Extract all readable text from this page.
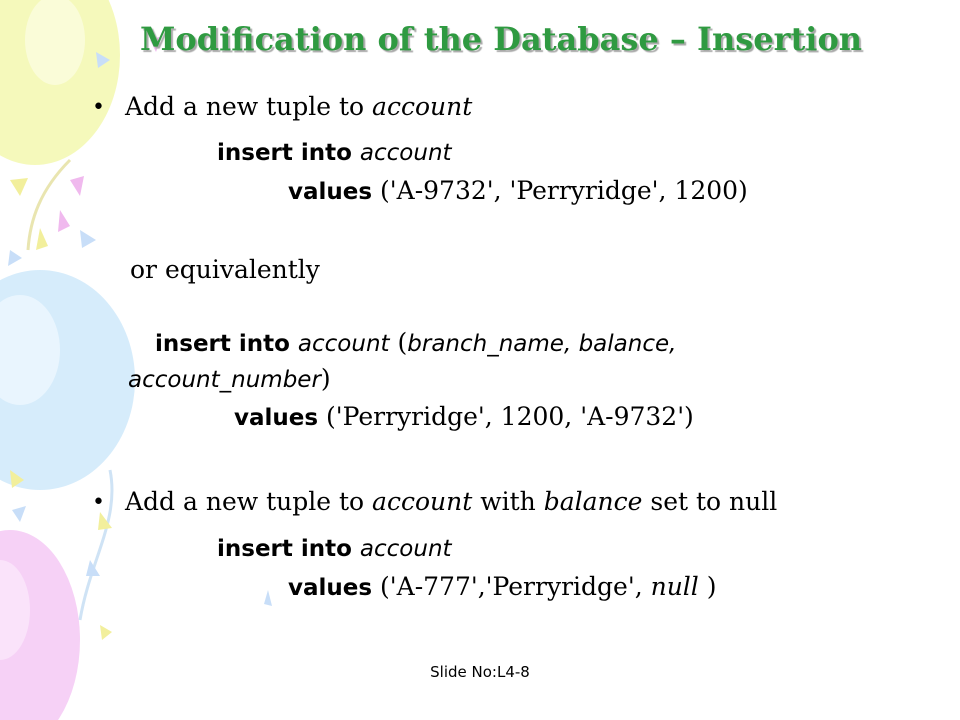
Modification of the Database – Insertion
• Add a new tuple to account
insert into account
values ('A-9732', 'Perryridge', 1200)
or equivalently
insert into account (branch_name, balance,
account_number)
values ('Perryridge', 1200, 'A-9732')
• Add a new tuple to account with balance set to null
insert into account
values ('A-777','Perryridge', null )
Slide No:L4-8
